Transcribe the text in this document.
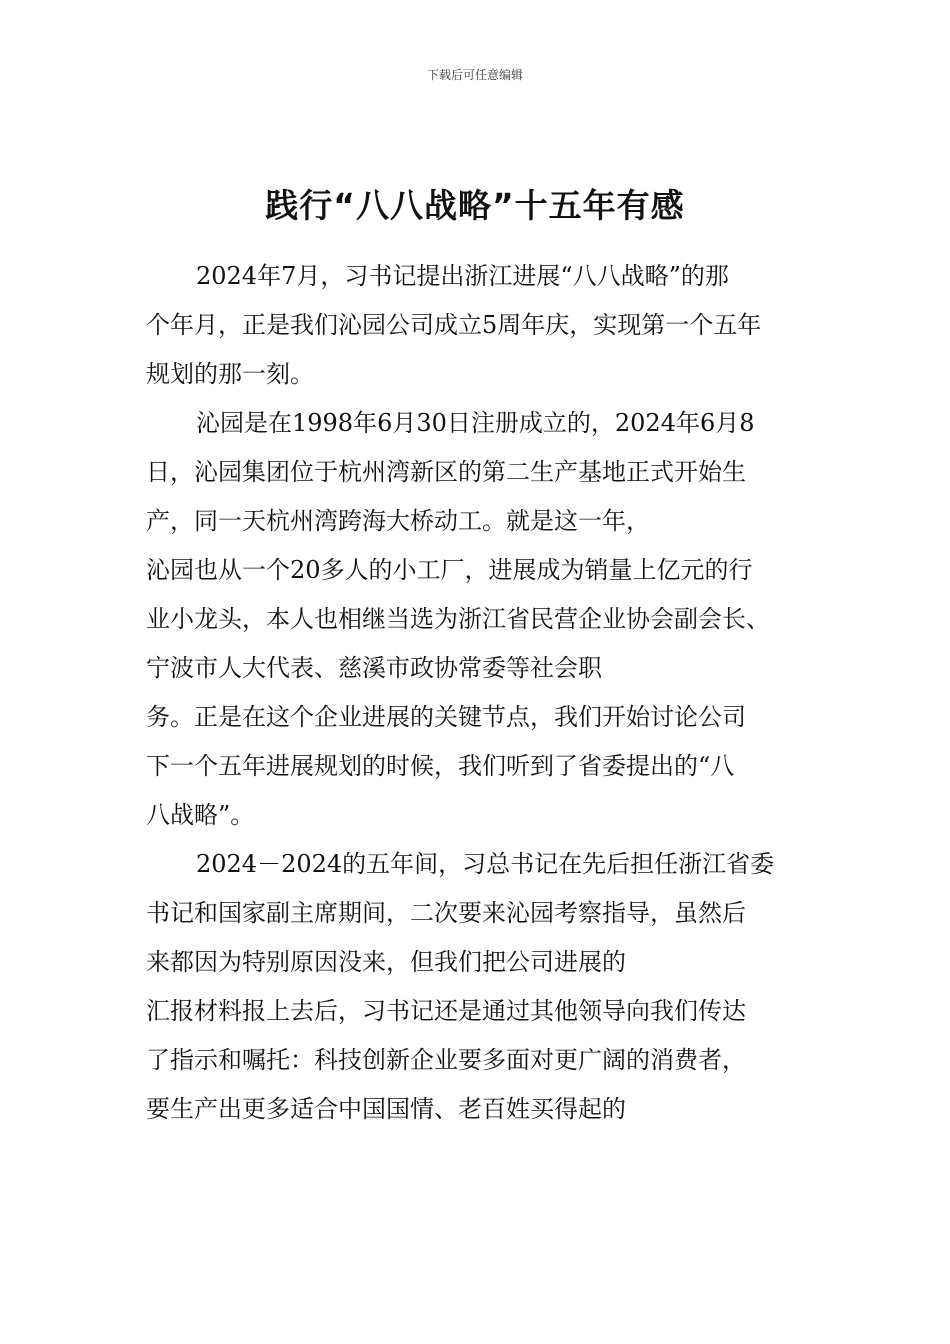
下载后可任意编辑
践行“八八战略”十五年有感
2024年7月，习书记提出浙江进展“八八战略”的那
个年月，正是我们沁园公司成立5周年庆，实现第一个五年
规划的那一刻。
沁园是在1998年6月30日注册成立的，2024年6月8
日，沁园集团位于杭州湾新区的第二生产基地正式开始生
产，同一天杭州湾跨海大桥动工。就是这一年，
沁园也从一个20多人的小工厂，进展成为销量上亿元的行
业小龙头，本人也相继当选为浙江省民营企业协会副会长、
宁波市人大代表、慈溪市政协常委等社会职
务。正是在这个企业进展的关键节点，我们开始讨论公司
下一个五年进展规划的时候，我们听到了省委提出的“八
八战略”。
2024－2024的五年间，习总书记在先后担任浙江省委
书记和国家副主席期间，二次要来沁园考察指导，虽然后
来都因为特别原因没来，但我们把公司进展的
汇报材料报上去后，习书记还是通过其他领导向我们传达
了指示和嘱托：科技创新企业要多面对更广阔的消费者，
要生产出更多适合中国国情、老百姓买得起的
